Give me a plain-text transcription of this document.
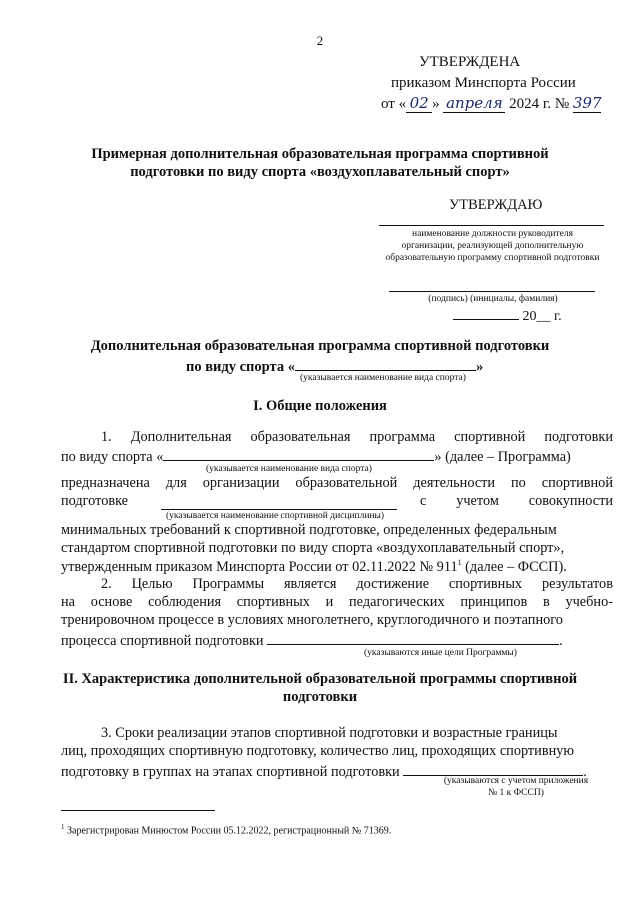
2
УТВЕРЖДЕНА
приказом Минспорта России
от « 02 » апреля 2024 г. № 397
Примерная дополнительная образовательная программа спортивной
подготовки по виду спорта «воздухоплавательный спорт»
УТВЕРЖДАЮ
наименование должности руководителя
организации, реализующей дополнительную
образовательную программу спортивной подготовки
(подпись) (инициалы, фамилия)
20__ г.
Дополнительная образовательная программа спортивной подготовки
по виду спорта «	»
(указывается наименование вида спорта)
I. Общие положения
1. Дополнительная образовательная программа спортивной подготовки
по виду спорта «	» (далее – Программа)
(указывается наименование вида спорта)
предназначена для организации образовательной деятельности по спортивной
подготовке	с учетом совокупности
(указывается наименование спортивной дисциплины)
минимальных требований к спортивной подготовке, определенных федеральным
стандартом спортивной подготовки по виду спорта «воздухоплавательный спорт»,
утвержденным приказом Минспорта России от 02.11.2022 № $911^1$ (далее – ФССП).
2. Целью Программы является достижение спортивных результатов
на основе соблюдения спортивных и педагогических принципов в учебно-
тренировочном процессе в условиях многолетнего, круглогодичного и поэтапного
процесса спортивной подготовки	.
(указываются иные цели Программы)
II. Характеристика дополнительной образовательной программы спортивной
подготовки
3. Сроки реализации этапов спортивной подготовки и возрастные границы
лиц, проходящих спортивную подготовку, количество лиц, проходящих спортивную
подготовку в группах на этапах спортивной подготовки	.
(указываются с учетом приложения
№ 1 к ФССП)
$^1$ Зарегистрирован Минюстом России 05.12.2022, регистрационный № 71369.
